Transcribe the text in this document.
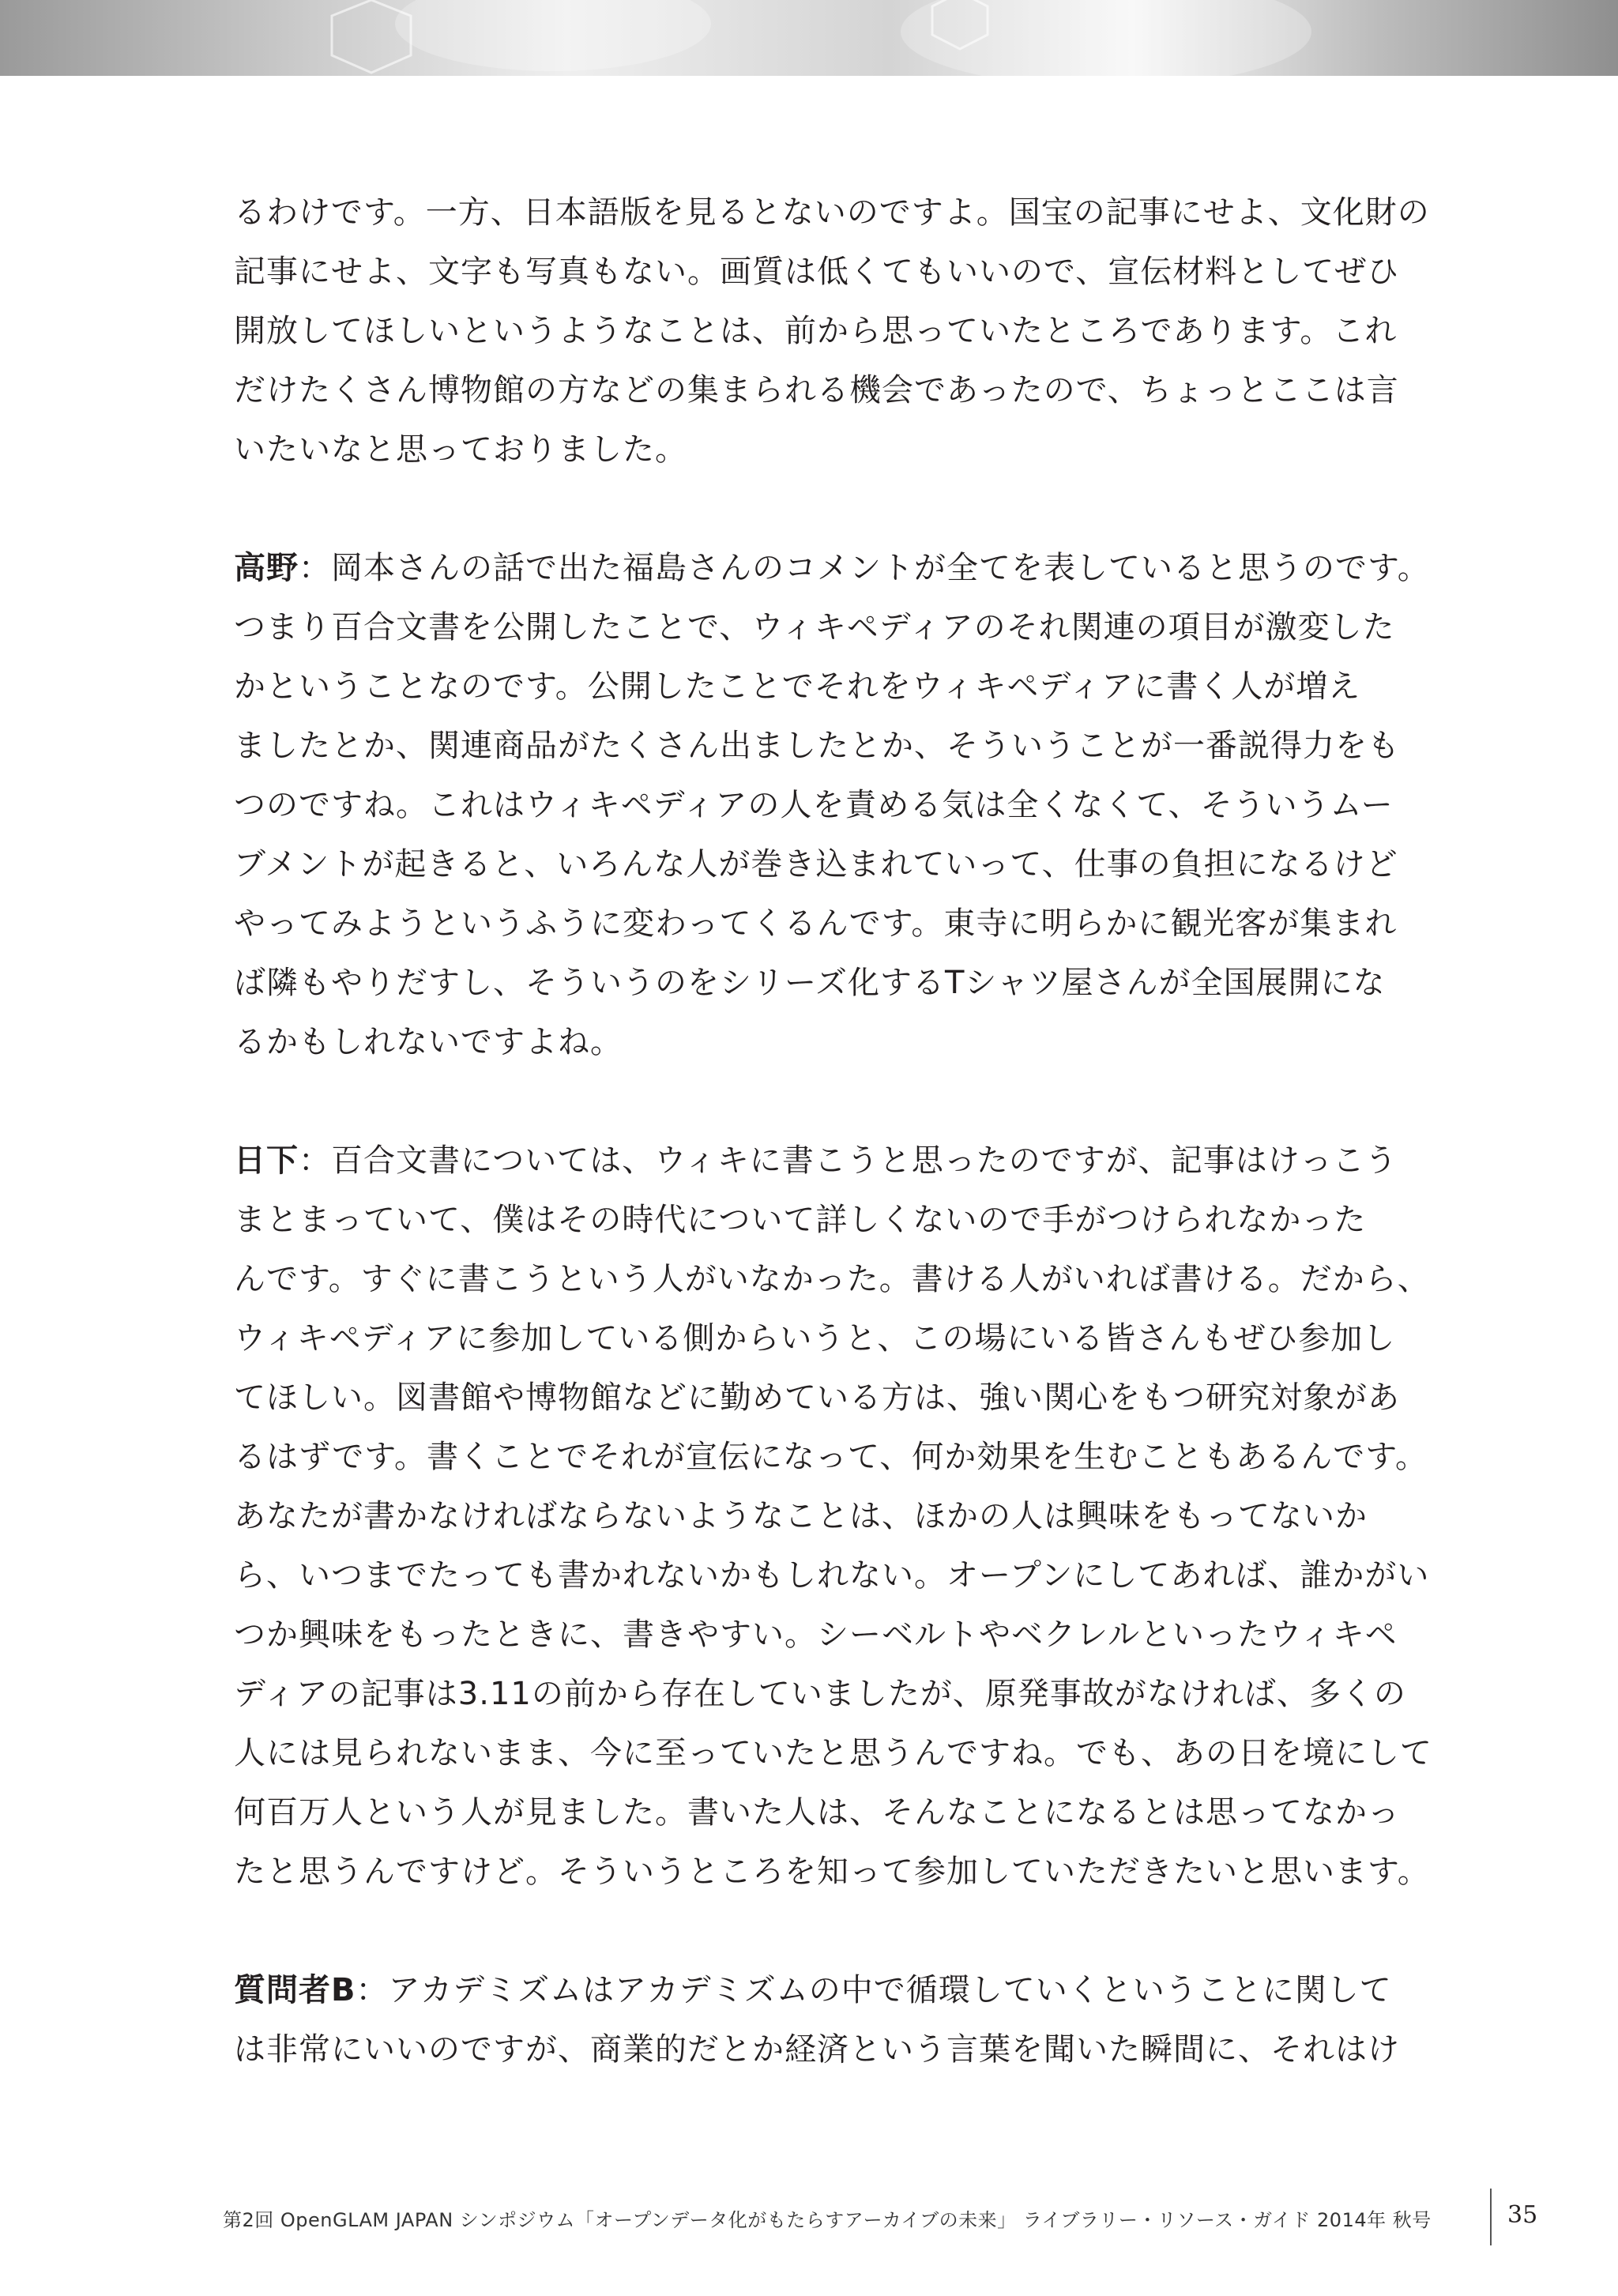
るわけです。一方、日本語版を見るとないのですよ。国宝の記事にせよ、文化財の
記事にせよ、文字も写真もない。画質は低くてもいいので、宣伝材料としてぜひ
開放してほしいというようなことは、前から思っていたところであります。これ
だけたくさん博物館の方などの集まられる機会であったので、ちょっとここは言
いたいなと思っておりました。
高野：岡本さんの話で出た福島さんのコメントが全てを表していると思うのです。
つまり百合文書を公開したことで、ウィキペディアのそれ関連の項目が激変した
かということなのです。公開したことでそれをウィキペディアに書く人が増え
ましたとか、関連商品がたくさん出ましたとか、そういうことが一番説得力をも
つのですね。これはウィキペディアの人を責める気は全くなくて、そういうムー
ブメントが起きると、いろんな人が巻き込まれていって、仕事の負担になるけど
やってみようというふうに変わってくるんです。東寺に明らかに観光客が集まれ
ば隣もやりだすし、そういうのをシリーズ化するTシャツ屋さんが全国展開にな
るかもしれないですよね。
日下：百合文書については、ウィキに書こうと思ったのですが、記事はけっこう
まとまっていて、僕はその時代について詳しくないので手がつけられなかった
んです。すぐに書こうという人がいなかった。書ける人がいれば書ける。だから、
ウィキペディアに参加している側からいうと、この場にいる皆さんもぜひ参加し
てほしい。図書館や博物館などに勤めている方は、強い関心をもつ研究対象があ
るはずです。書くことでそれが宣伝になって、何か効果を生むこともあるんです。
あなたが書かなければならないようなことは、ほかの人は興味をもってないか
ら、いつまでたっても書かれないかもしれない。オープンにしてあれば、誰かがい
つか興味をもったときに、書きやすい。シーベルトやベクレルといったウィキペ
ディアの記事は3.11の前から存在していましたが、原発事故がなければ、多くの
人には見られないまま、今に至っていたと思うんですね。でも、あの日を境にして
何百万人という人が見ました。書いた人は、そんなことになるとは思ってなかっ
たと思うんですけど。そういうところを知って参加していただきたいと思います。
質問者B：アカデミズムはアカデミズムの中で循環していくということに関して
は非常にいいのですが、商業的だとか経済という言葉を聞いた瞬間に、それはけ
第2回 OpenGLAM JAPAN シンポジウム「オープンデータ化がもたらすアーカイブの未来」 ライブラリー・リソース・ガイド 2014年 秋号	35
